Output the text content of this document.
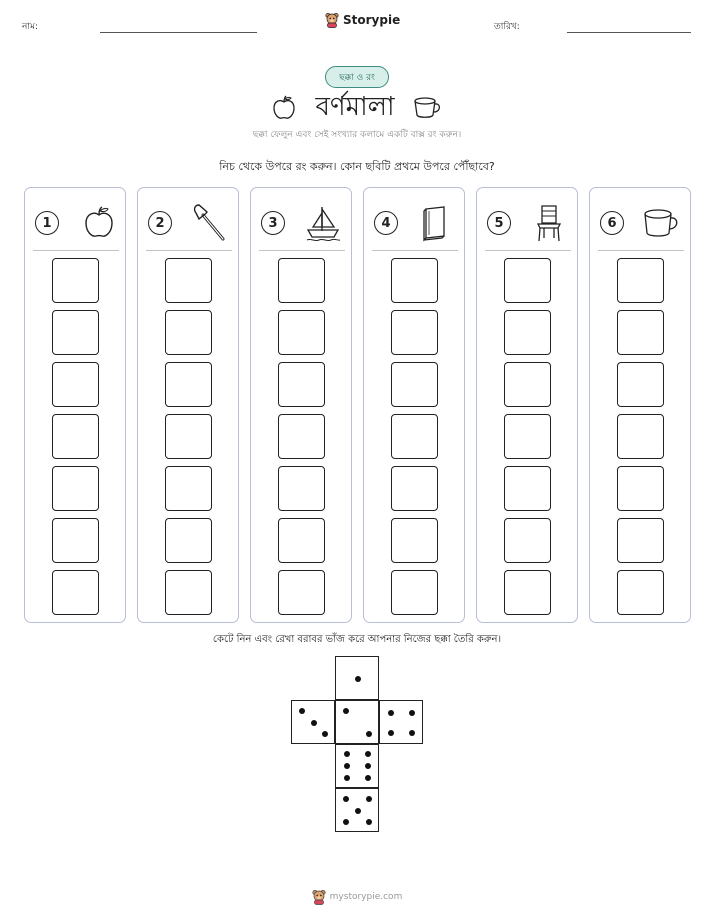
নাম:	Storypie	তারিখ:
ছক্কা ও রং
বর্ণমালা
ছক্কা ফেলুন এবং সেই সংখ্যার কলামে একটি বাক্স রং করুন।
নিচ থেকে উপরে রং করুন। কোন ছবিটি প্রথমে উপরে পৌঁছাবে?
1	2	3	4	5	6
কেটে নিন এবং রেখা বরাবর ভাঁজ করে আপনার নিজের ছক্কা তৈরি করুন।
mystorypie.com
